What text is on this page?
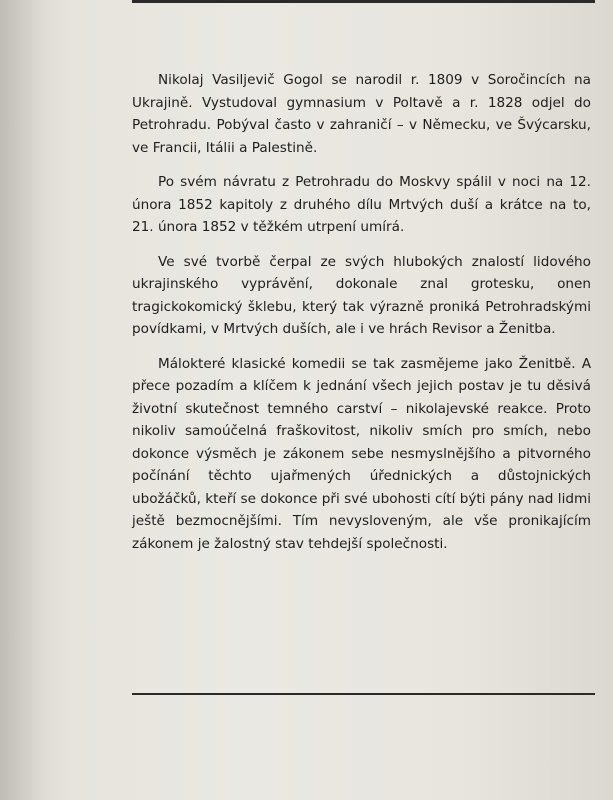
Nikolaj Vasiljevič Gogol se narodil r. 1809 v Soročincích na Ukrajině. Vystudoval gymnasium v Poltavě a r. 1828 odjel do Petrohradu. Pobýval často v zahraničí – v Německu, ve Švýcarsku, ve Francii, Itálii a Palestině.

Po svém návratu z Petrohradu do Moskvy spálil v noci na 12. února 1852 kapitoly z druhého dílu Mrtvých duší a krátce na to, 21. února 1852 v těžkém utrpení umírá.

Ve své tvorbě čerpal ze svých hlubokých znalostí lidového ukrajinského vyprávění, dokonale znal grotesku, onen tragickokomický šklebu, který tak výrazně proniká Petrohradskými povídkami, v Mrtvých duších, ale i ve hrách Revisor a Ženitba.

Málokteré klasické komedii se tak zasmějeme jako Ženitbě. A přece pozadím a klíčem k jednání všech jejich postav je tu děsivá životní skutečnost temného carství – nikolajevské reakce. Proto nikoliv samoúčelná fraškovitost, nikoliv smích pro smích, nebo dokonce výsměch je zákonem sebe nesmyslnějšího a pitvorného počínání těchto ujařmených úřednických a důstojnických ubožáčků, kteří se dokonce při své ubohosti cítí býti pány nad lidmi ještě bezmocnějšími. Tím nevysloveným, ale vše pronikajícím zákonem je žalostný stav tehdejší společnosti.
